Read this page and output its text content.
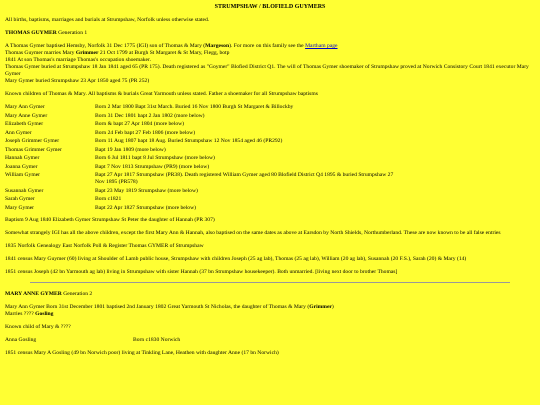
STRUMPSHAW / BLOFIELD GUYMERS

All births, baptisms, marriages and burials at Strumpshaw, Norfolk unless otherwise stated.

THOMAS GUYMER Generation 1

A Thomas Gymer baptised Hemsby, Norfolk 31 Dec 1775 (IGI) son of Thomas & Mary (Margeson). For more on this family see the Martham page
Thomas Guymer marries Mary Grimmer 21 Oct 1799 at Burgh St Margaret & St Mary, Flegg, botp
1841 At son Thomas's marriage Thomas's occupation shoemaker.
Thomas Gymer buried at Strumpshaw 18 Jan 1841 aged 65 (PR 175). Death registered as "Goymer" Blofied District Q1. The will of Thomas Gymer shoemaker of Strumpshaw proved at Norwich Consistory Court 1841 executor Mary Gymer
Mary Gymer buried Strumpshaw 23 Apr 1850 aged 75 (PR 252)

Known children of Thomas & Mary. All baptisms & burials Great Yarmouth unless stated. Father a shoemaker for all Strumpshaw baptisms

Mary Ann Gymer	Born 2 Mar 1800 Bapt 31st March. Buried 16 Nov 1800 Burgh St Margaret & Billockby
Mary Anne Gymer	Born 31 Dec 1801 bapt 2 Jan 1802 (more below)
Elizabeth Gymer	Born & bapt 27 Apr 1804 (more below)
Ann Gymer	Born 24 Feb bapt 27 Feb 1806 (more below)
Joseph Grimmer Gymer	Born 11 Aug 1807 bapt 18 Aug. Buried Strumpshaw 12 Nov 1854 aged 46 (PR292)
Thomas Grimmer Gymer	Bapt 19 Jan 1809 (more below)
Hannah Gymer	Born 6 Jul 1811 bapt 8 Jul Strumpshaw (more below)
Joanna Gymer	Bapt 7 Nov 1813 Strumpshaw (PR9) (more below)
William Gymer	Bapt 27 Apr 1817 Strumpshaw (PR38). Death registered William Gymer aged 80 Blofield District Q4 1895 & buried Strumpshaw 27 Nov 1895 (PR578)
Susannah Gymer	Bapt 23 May 1819 Strumpshaw (more below)
Sarah Gymer	Born c1821
Mary Gymer	Bapt 22 Apr 1827 Strumpshaw (more below)

Baptism 9 Aug 1840 Elizabeth Gymer Strumpshaw St Peter the daughter of Hannah (PR 307)

Somewhat strangely IGI has all the above children, except the first Mary Ann & Hannah, also baptised on the same dates as above at Earsdon by North Shields, Northumberland. These are now known to be all false entries

1835 Norfolk Genealogy East Norfolk Poll & Register Thomas GYMER of Strumpshaw

1841 census Mary Guymer (60) living at Shoulder of Lamb public house, Strumpshaw with children Joseph (25 ag lab), Thomas (25 ag lab), William (20 ag lab), Susannah (20 F.S.), Sarah (20) & Mary (14)

1851 census Joseph (42 bn Yarmouth ag lab) living in Strumpshaw with sister Hannah (37 bn Strumpshaw housekeeper). Both unmarried. [living next door to brother Thomas]

MARY ANNE GYMER Generation 2

Mary Ann Gymer Born 31st December 1801 baptised 2nd January 1802 Great Yarmouth St Nicholas, the daughter of Thomas & Mary (Grimmer)
Marries ???? Gosling

Known child of Mary & ????

Anna Gosling	Born c1830 Norwich

1851 census Mary A Gosling (49 bn Norwich poor) living at Tinkling Lane, Heathen with daughter Anne (17 bn Norwich)
